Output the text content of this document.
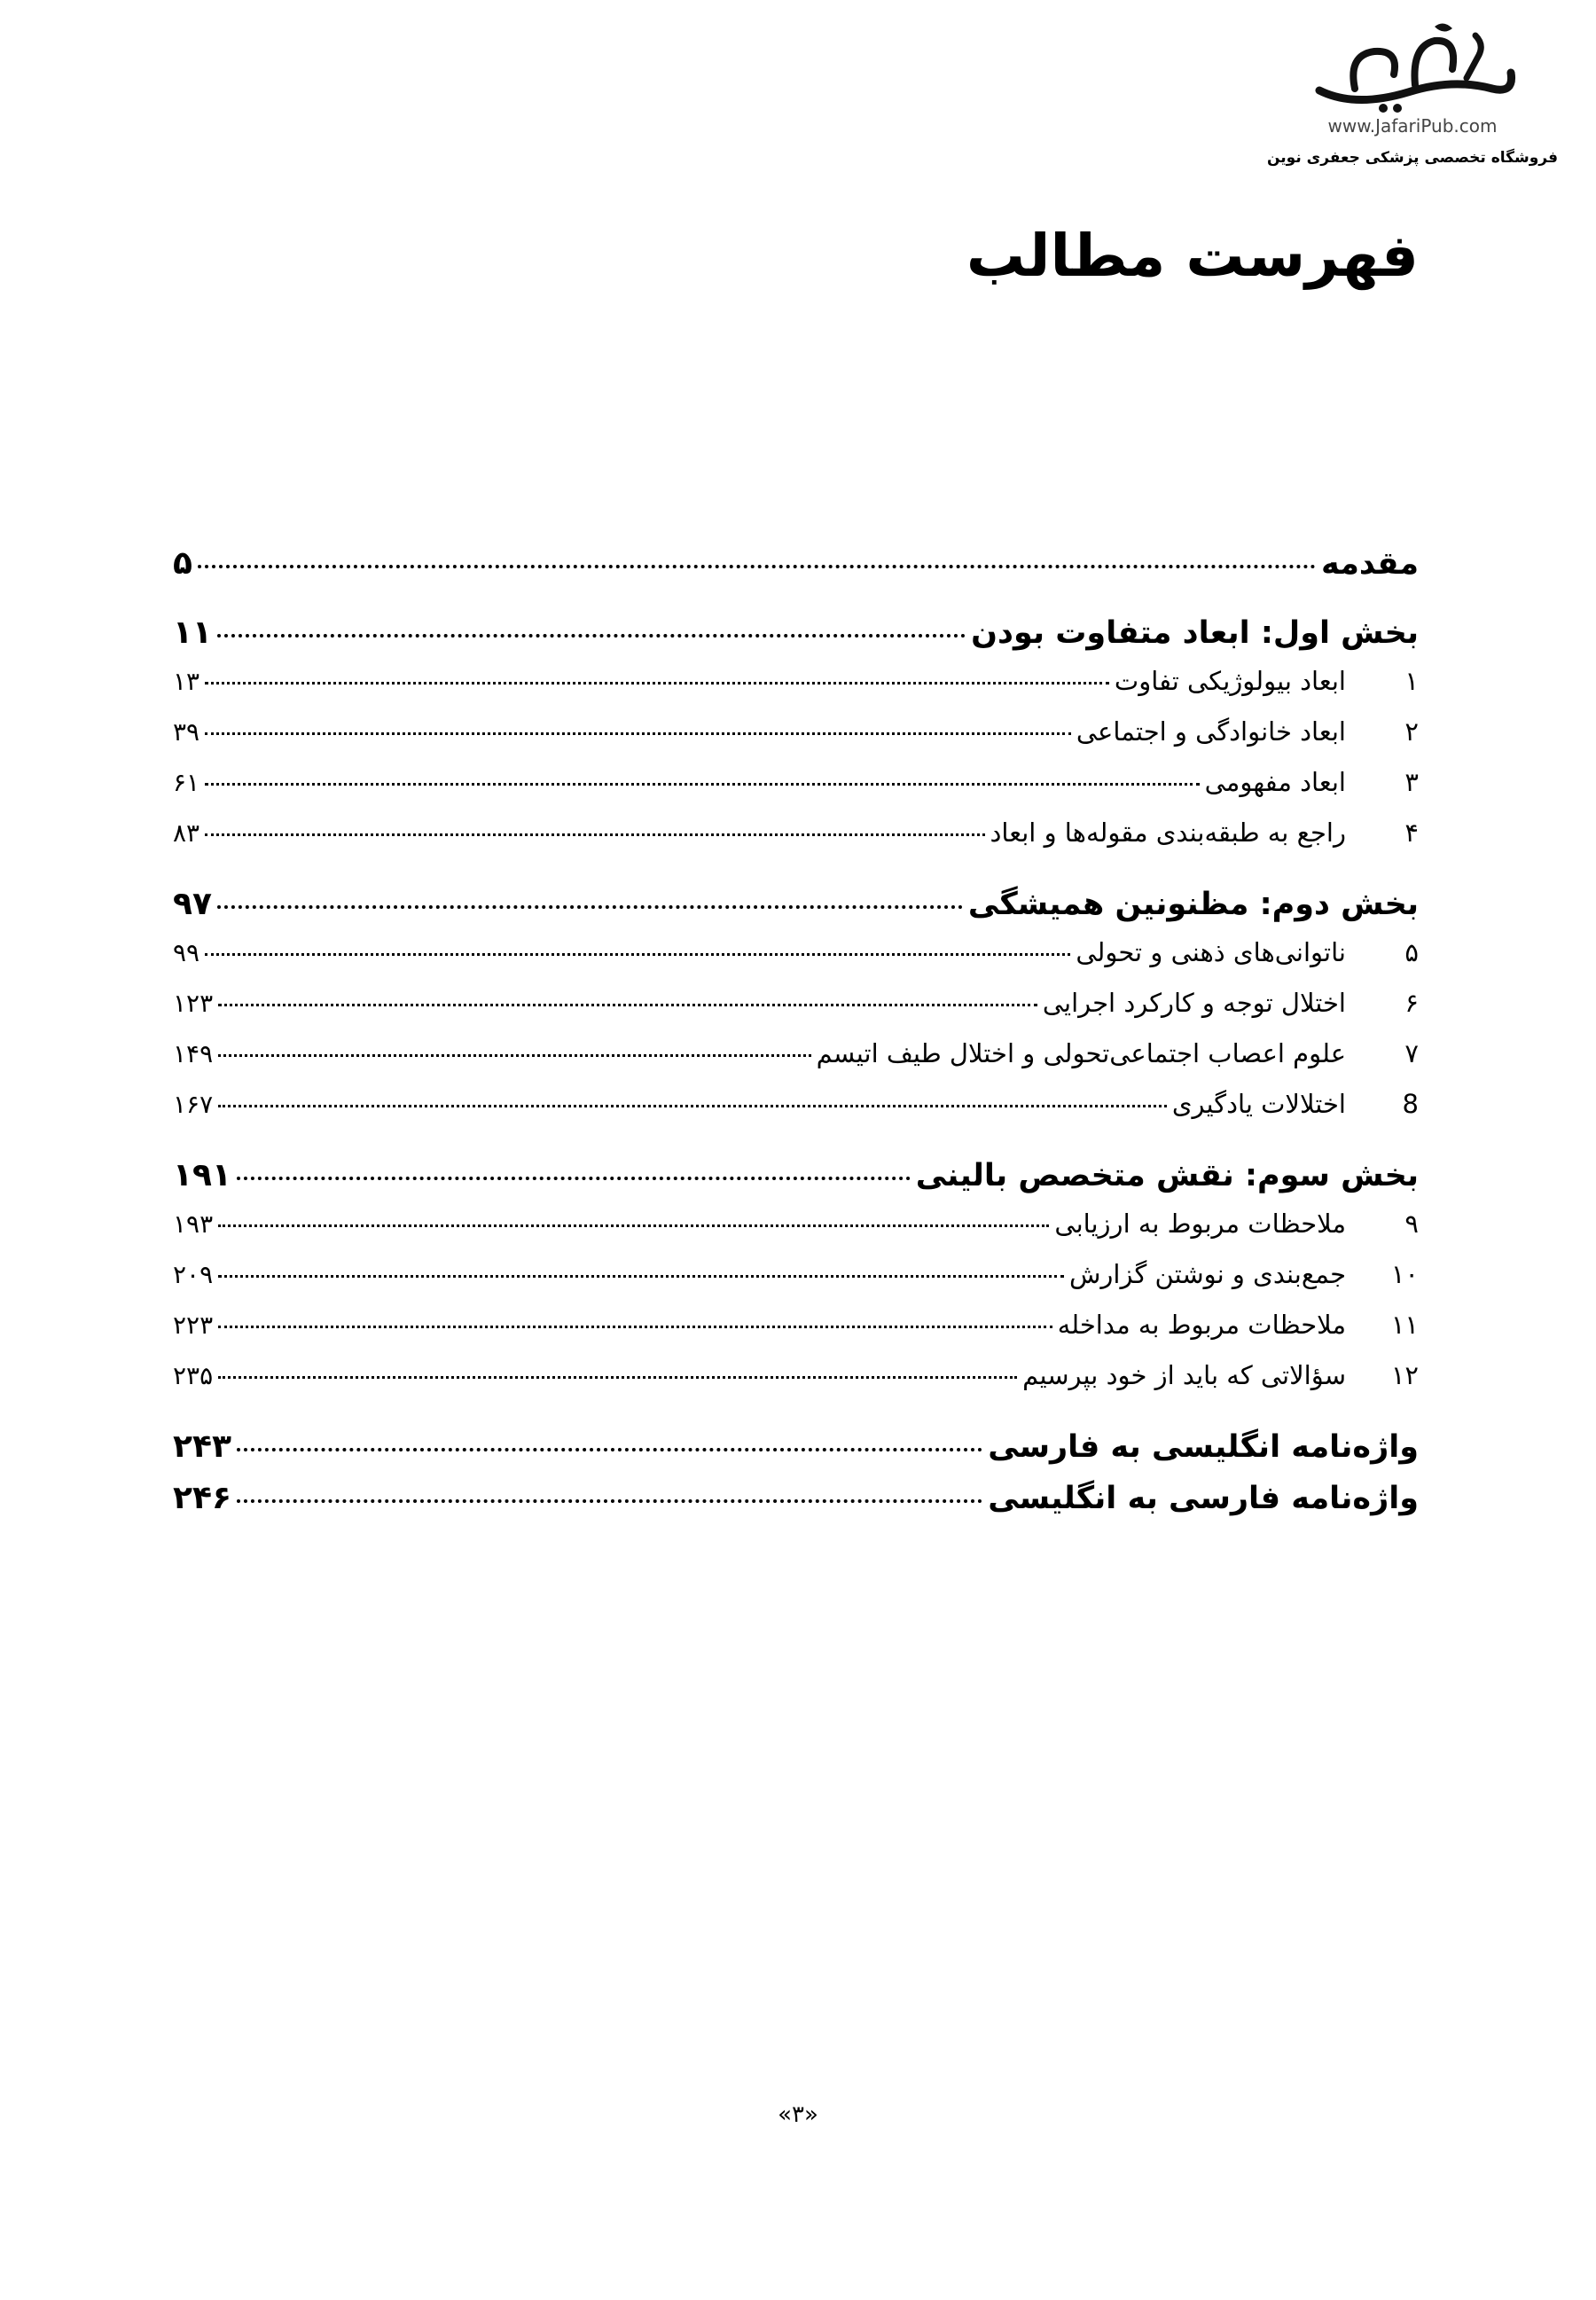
www.JafariPub.com
فروشگاه تخصصی پزشکی جعفری نوین
فهرست مطالب
مقدمه
۵
بخش اول: ابعاد متفاوت بودن
۱۱
۱
ابعاد بیولوژیکی تفاوت
۱۳
۲
ابعاد خانوادگی و اجتماعی
۳۹
۳
ابعاد مفهومی
۶۱
۴
راجع به طبقه‌بندی مقوله‌ها و ابعاد
۸۳
بخش دوم: مظنونین همیشگی
۹۷
۵
ناتوانی‌های ذهنی و تحولی
۹۹
۶
اختلال توجه و کارکرد اجرایی
۱۲۳
۷
علوم اعصاب اجتماعی‌تحولی و اختلال طیف اتیسم
۱۴۹
8
اختلالات یادگیری
۱۶۷
بخش سوم: نقش متخصص بالینی
۱۹۱
۹
ملاحظات مربوط به ارزیابی
۱۹۳
۱۰
جمع‌بندی و نوشتن گزارش
۲۰۹
۱۱
ملاحظات مربوط به مداخله
۲۲۳
۱۲
سؤالاتی که باید از خود بپرسیم
۲۳۵
واژه‌نامه انگلیسی به فارسی
۲۴۳
واژه‌نامه فارسی به انگلیسی
۲۴۶
«۳»
